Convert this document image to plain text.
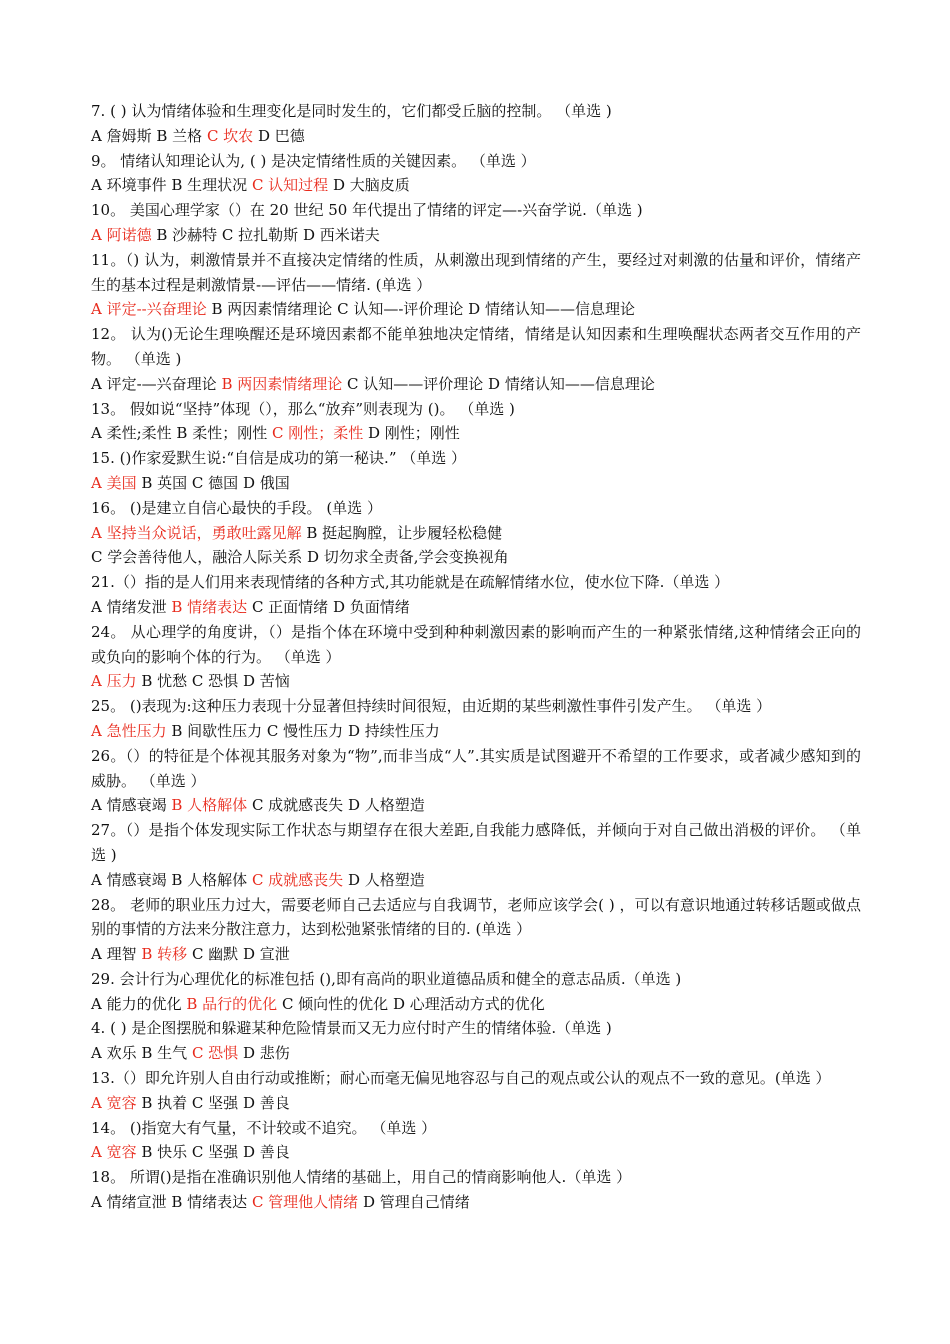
7. ( ) 认为情绪体验和生理变化是同时发生的，它们都受丘脑的控制。 （单选 )
A 詹姆斯 B 兰格 C 坎农 D 巴德
9。 情绪认知理论认为, ( ) 是决定情绪性质的关键因素。 （单选 ）
A 环境事件 B 生理状况 C 认知过程 D 大脑皮质
10。 美国心理学家（）在 20 世纪 50 年代提出了情绪的评定—-兴奋学说.（单选 )
A 阿诺德 B 沙赫特 C 拉扎勒斯 D 西米诺夫
11。（) 认为，刺激情景并不直接决定情绪的性质，从刺激出现到情绪的产生，要经过对刺激的估量和评价，情绪产生的基本过程是刺激情景-—评估——情绪. (单选 ）
A 评定--兴奋理论 B 两因素情绪理论 C 认知—-评价理论 D 情绪认知——信息理论
12。 认为()无论生理唤醒还是环境因素都不能单独地决定情绪，情绪是认知因素和生理唤醒状态两者交互作用的产物。 （单选 )
A 评定-—兴奋理论 B 两因素情绪理论 C 认知——评价理论 D 情绪认知——信息理论
13。 假如说“坚持”体现（），那么“放弃”则表现为 ()。 （单选 )
A 柔性;柔性 B 柔性；刚性 C 刚性；柔性 D 刚性；刚性
15. ()作家爱默生说:“自信是成功的第一秘诀.” （单选 ）
A 美国 B 英国 C 德国 D 俄国
16。 ()是建立自信心最快的手段。 (单选 ）
A 坚持当众说话，勇敢吐露见解 B 挺起胸膛，让步履轻松稳健
C 学会善待他人，融洽人际关系 D 切勿求全责备,学会变换视角
21.（）指的是人们用来表现情绪的各种方式,其功能就是在疏解情绪水位，使水位下降.（单选 ）
A 情绪发泄 B 情绪表达 C 正面情绪 D 负面情绪
24。 从心理学的角度讲，（）是指个体在环境中受到种种刺激因素的影响而产生的一种紧张情绪,这种情绪会正向的或负向的影响个体的行为。 （单选 ）
A 压力 B 忧愁 C 恐惧 D 苦恼
25。 ()表现为:这种压力表现十分显著但持续时间很短，由近期的某些刺激性事件引发产生。 （单选 ）
A 急性压力 B 间歇性压力 C 慢性压力 D 持续性压力
26。（）的特征是个体视其服务对象为“物”,而非当成“人”.其实质是试图避开不希望的工作要求，或者减少感知到的威胁。 （单选 ）
A 情感衰竭 B 人格解体 C 成就感丧失 D 人格塑造
27。（）是指个体发现实际工作状态与期望存在很大差距,自我能力感降低，并倾向于对自己做出消极的评价。 （单选 )
A 情感衰竭 B 人格解体 C 成就感丧失 D 人格塑造
28。 老师的职业压力过大，需要老师自己去适应与自我调节，老师应该学会( ) ，可以有意识地通过转移话题或做点别的事情的方法来分散注意力，达到松弛紧张情绪的目的. (单选 ）
A 理智 B 转移 C 幽默 D 宣泄
29. 会计行为心理优化的标准包括 (),即有高尚的职业道德品质和健全的意志品质.（单选 )
A 能力的优化 B 品行的优化 C 倾向性的优化 D 心理活动方式的优化
4. ( ) 是企图摆脱和躲避某种危险情景而又无力应付时产生的情绪体验.（单选 )
A 欢乐 B 生气 C 恐惧 D 悲伤
13.（）即允许别人自由行动或推断；耐心而毫无偏见地容忍与自己的观点或公认的观点不一致的意见。(单选 ）
A 宽容 B 执着 C 坚强 D 善良
14。 ()指宽大有气量，不计较或不追究。 （单选 ）
A 宽容 B 快乐 C 坚强 D 善良
18。 所谓()是指在准确识别他人情绪的基础上，用自己的情商影响他人.（单选 ）
A 情绪宣泄 B 情绪表达 C 管理他人情绪 D 管理自己情绪
